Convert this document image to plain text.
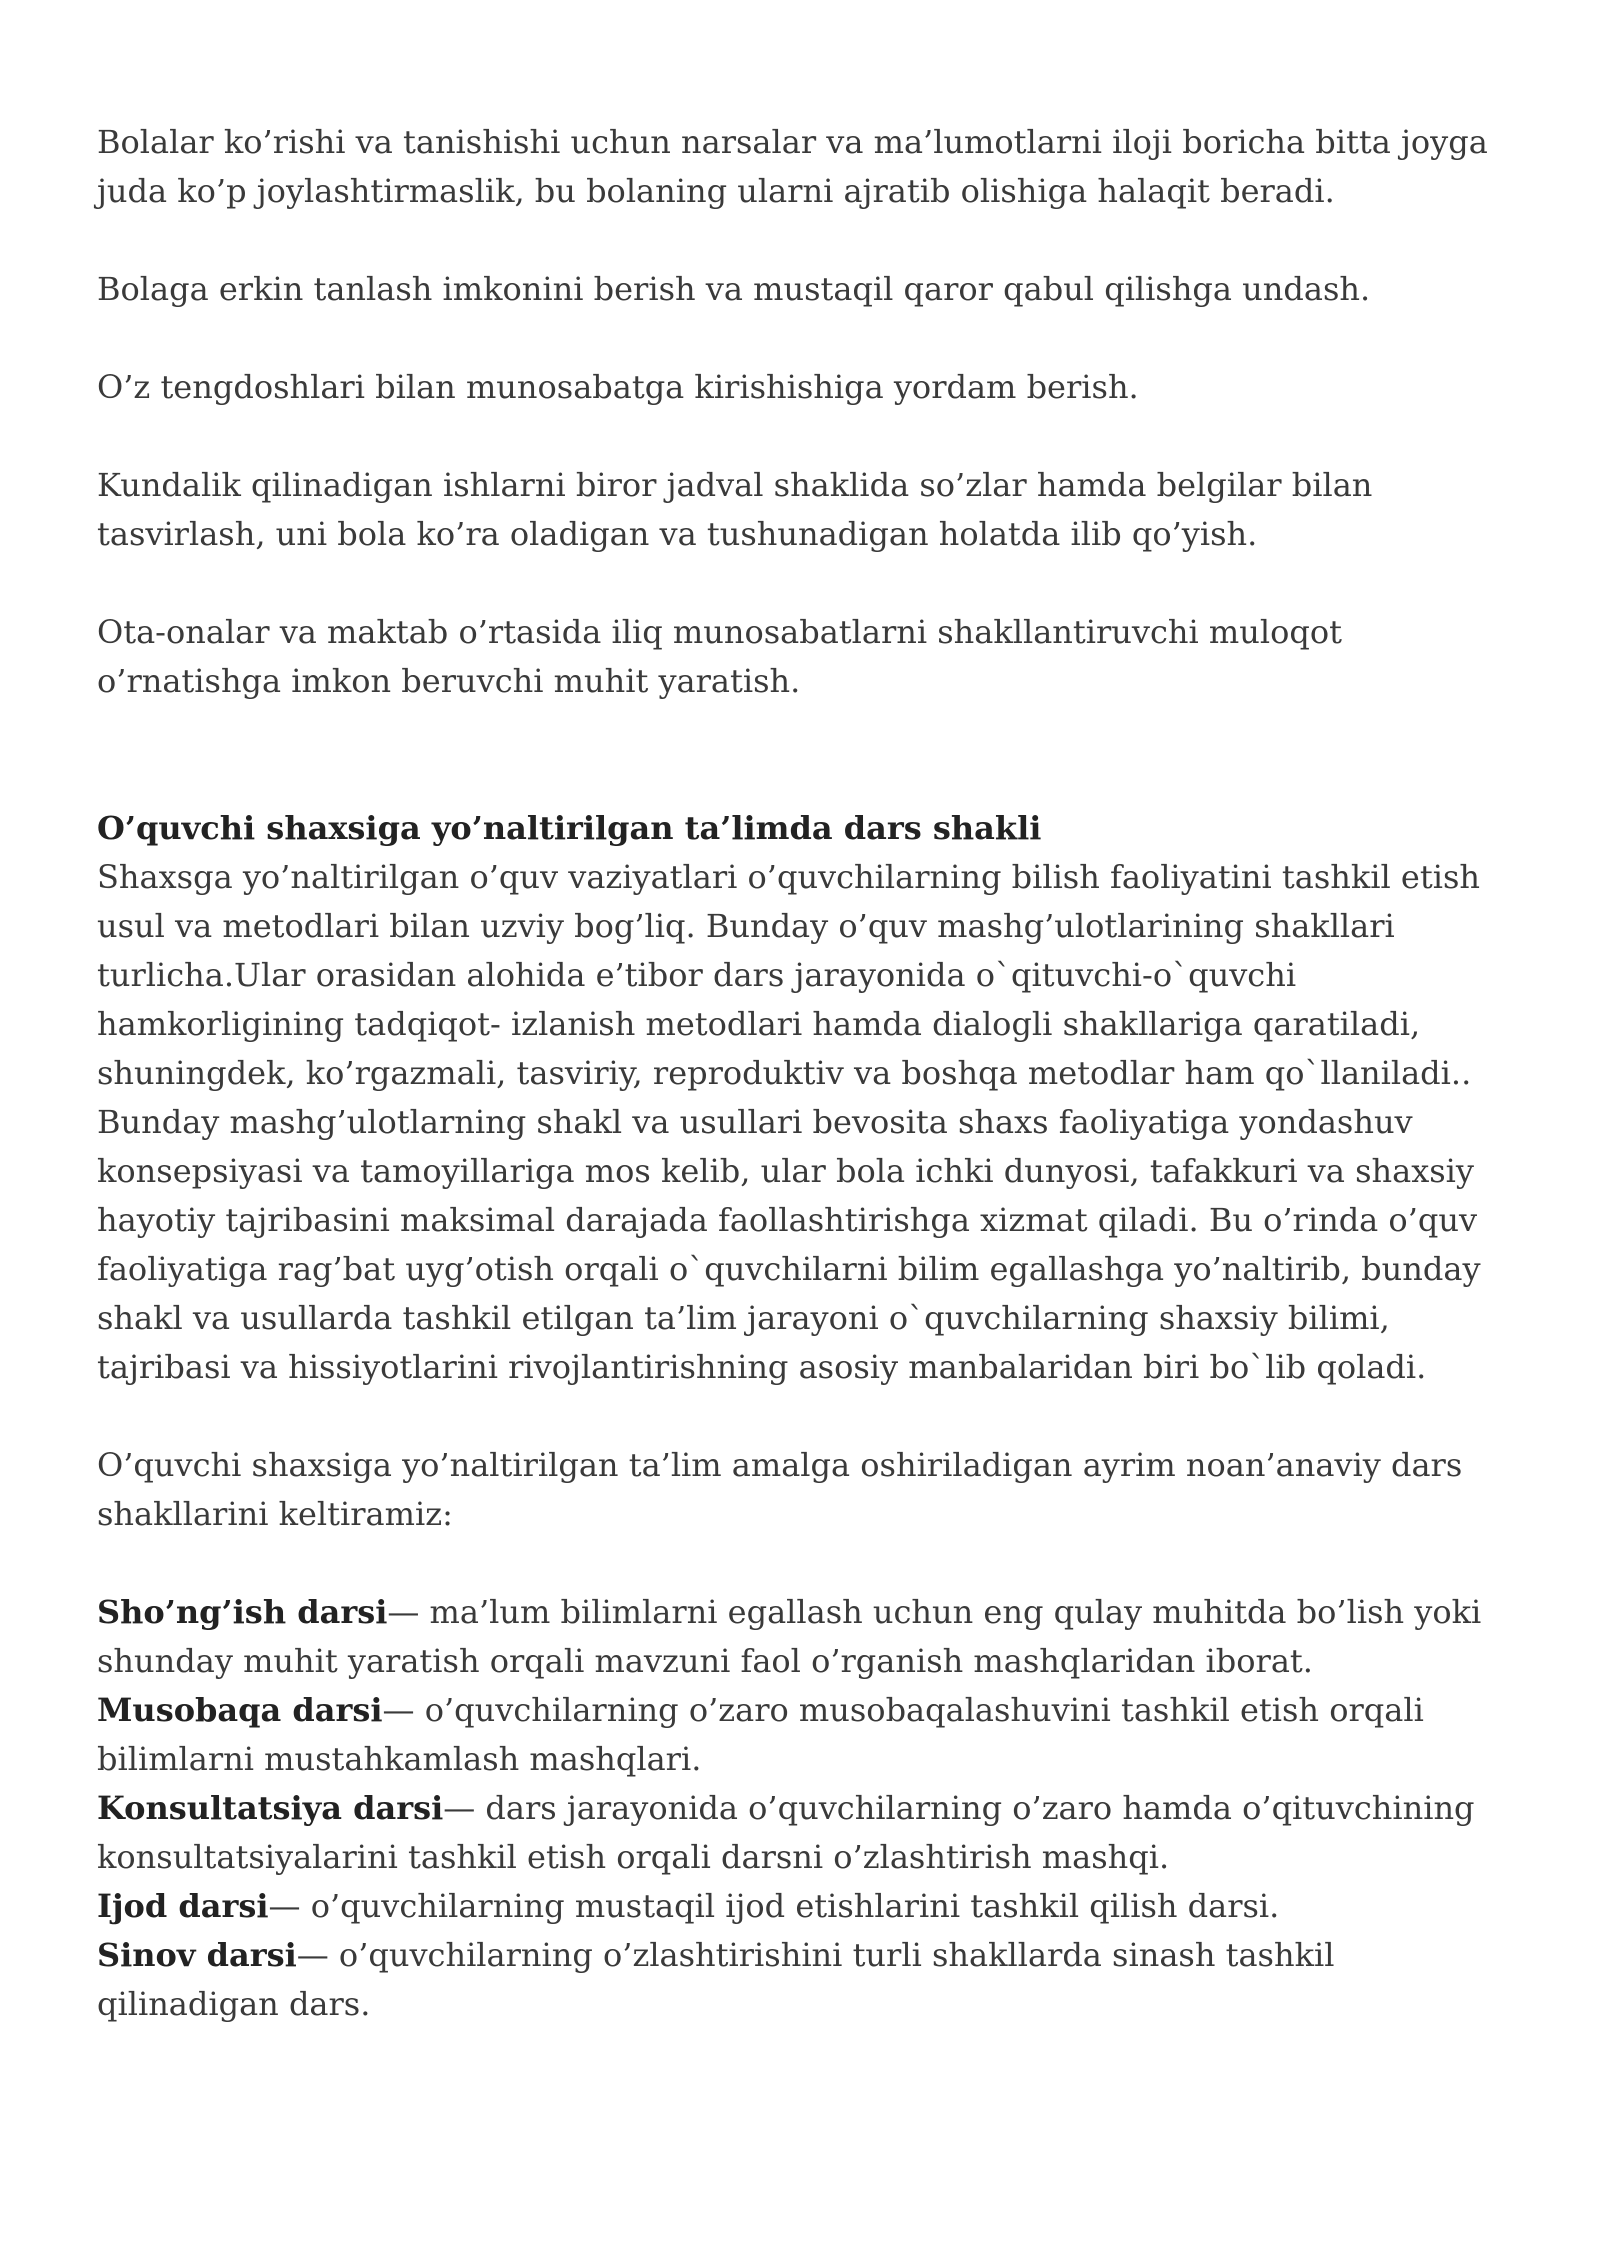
Bolalar ko’rishi va tanishishi uchun narsalar va ma’lumotlarni iloji boricha bitta joyga juda ko’p joylashtirmaslik, bu bolaning ularni ajratib olishiga halaqit beradi.

Bolaga erkin tanlash imkonini berish va mustaqil qaror qabul qilishga undash.

O’z tengdoshlari bilan munosabatga kirishishiga yordam berish.

Kundalik qilinadigan ishlarni biror jadval shaklida so’zlar hamda belgilar bilan tasvirlash, uni bola ko’ra oladigan va tushunadigan holatda ilib qo’yish.

Ota-onalar va maktab o’rtasida iliq munosabatlarni shakllantiruvchi muloqot o’rnatishga imkon beruvchi muhit yaratish.

O’quvchi shaxsiga yo’naltirilgan ta’limda dars shakli

Shaxsga yo’naltirilgan o’quv vaziyatlari o’quvchilarning bilish faoliyatini tashkil etish usul va metodlari bilan uzviy bog’liq. Bunday o’quv mashg’ulotlarining shakllari turlicha.Ular orasidan alohida e’tibor dars jarayonida o`qituvchi-o`quvchi hamkorligining tadqiqot- izlanish metodlari hamda dialogli shakllariga qaratiladi, shuningdek, ko’rgazmali, tasviriy, reproduktiv va boshqa metodlar ham qo`llaniladi.. Bunday mashg’ulotlarning shakl va usullari bevosita shaxs faoliyatiga yondashuv konsepsiyasi va tamoyillariga mos kelib, ular bola ichki dunyosi, tafakkuri va shaxsiy hayotiy tajribasini maksimal darajada faollashtirishga xizmat qiladi. Bu o’rinda o’quv faoliyatiga rag’bat uyg’otish orqali o`quvchilarni bilim egallashga yo’naltirib, bunday shakl va usullarda tashkil etilgan ta’lim jarayoni o`quvchilarning shaxsiy bilimi, tajribasi va hissiyotlarini rivojlantirishning asosiy manbalaridan biri bo`lib qoladi.

O’quvchi shaxsiga yo’naltirilgan ta’lim amalga oshiriladigan ayrim noan’anaviy dars shakllarini keltiramiz:

Sho’ng’ish darsi— ma’lum bilimlarni egallash uchun eng qulay muhitda bo’lish yoki shunday muhit yaratish orqali mavzuni faol o’rganish mashqlaridan iborat.

Musobaqa darsi— o’quvchilarning o’zaro musobaqalashuvini tashkil etish orqali bilimlarni mustahkamlash mashqlari.

Konsultatsiya darsi— dars jarayonida o’quvchilarning o’zaro hamda o’qituvchining konsultatsiyalarini tashkil etish orqali darsni o’zlashtirish mashqi.

Ijod darsi— o’quvchilarning mustaqil ijod etishlarini tashkil qilish darsi.

Sinov darsi— o’quvchilarning o’zlashtirishini turli shakllarda sinash tashkil qilinadigan dars.
